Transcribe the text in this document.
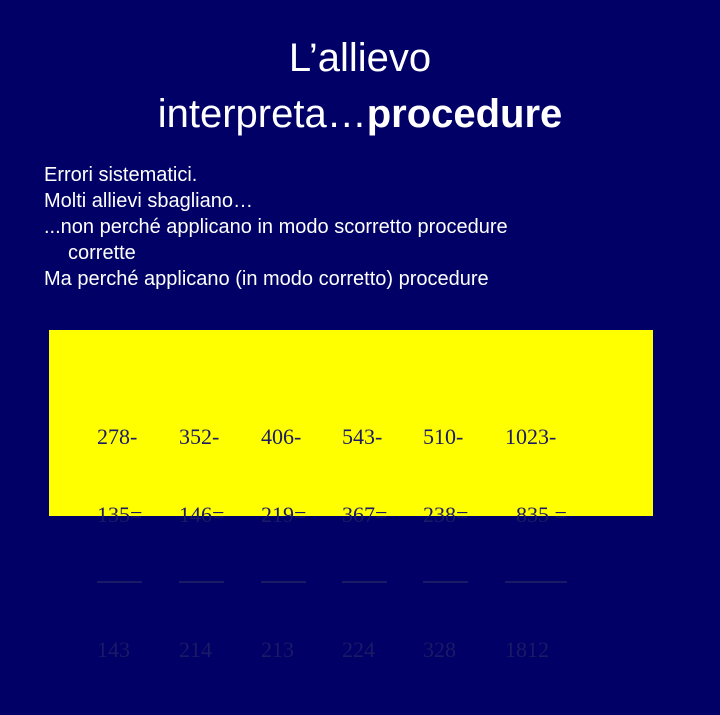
L’allievo
interpreta…procedure
Errori sistematici.
Molti allievi sbagliano…
...non perché applicano in modo scorretto procedure
corrette
Ma perché applicano (in modo corretto) procedure

278-

135=

143

352-

146=

214

406-

219=

213

543-

367=

224

510-

238=

328

1023-

835 =

1812
